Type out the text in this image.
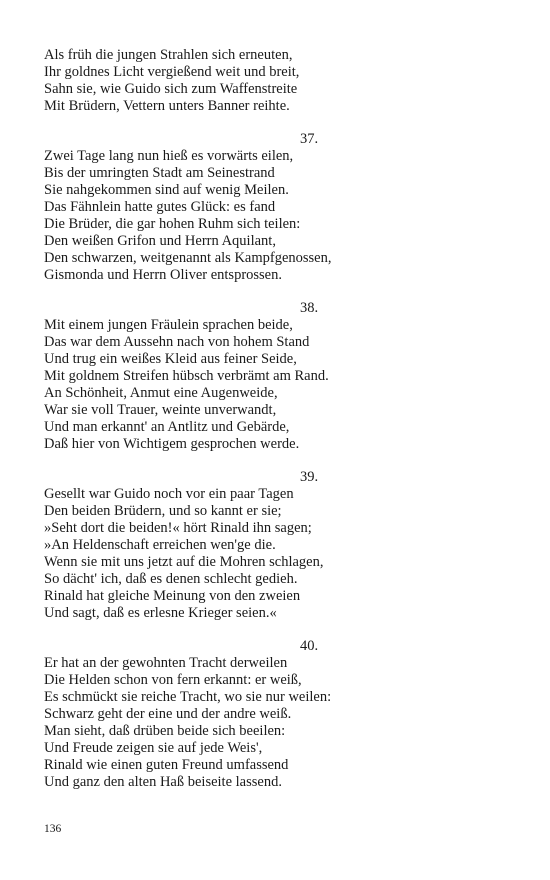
Als früh die jungen Strahlen sich erneuten,
Ihr goldnes Licht vergießend weit und breit,
Sahn sie, wie Guido sich zum Waffenstreite
Mit Brüdern, Vettern unters Banner reihte.
37.
Zwei Tage lang nun hieß es vorwärts eilen,
Bis der umringten Stadt am Seinestrand
Sie nahgekommen sind auf wenig Meilen.
Das Fähnlein hatte gutes Glück: es fand
Die Brüder, die gar hohen Ruhm sich teilen:
Den weißen Grifon und Herrn Aquilant,
Den schwarzen, weitgenannt als Kampfgenossen,
Gismonda und Herrn Oliver entsprossen.
38.
Mit einem jungen Fräulein sprachen beide,
Das war dem Aussehn nach von hohem Stand
Und trug ein weißes Kleid aus feiner Seide,
Mit goldnem Streifen hübsch verbrämt am Rand.
An Schönheit, Anmut eine Augenweide,
War sie voll Trauer, weinte unverwandt,
Und man erkannt' an Antlitz und Gebärde,
Daß hier von Wichtigem gesprochen werde.
39.
Gesellt war Guido noch vor ein paar Tagen
Den beiden Brüdern, und so kannt er sie;
»Seht dort die beiden!« hört Rinald ihn sagen;
»An Heldenschaft erreichen wen'ge die.
Wenn sie mit uns jetzt auf die Mohren schlagen,
So dächt' ich, daß es denen schlecht gedieh.
Rinald hat gleiche Meinung von den zweien
Und sagt, daß es erlesne Krieger seien.«
40.
Er hat an der gewohnten Tracht derweilen
Die Helden schon von fern erkannt: er weiß,
Es schmückt sie reiche Tracht, wo sie nur weilen:
Schwarz geht der eine und der andre weiß.
Man sieht, daß drüben beide sich beeilen:
Und Freude zeigen sie auf jede Weis',
Rinald wie einen guten Freund umfassend
Und ganz den alten Haß beiseite lassend.
136
